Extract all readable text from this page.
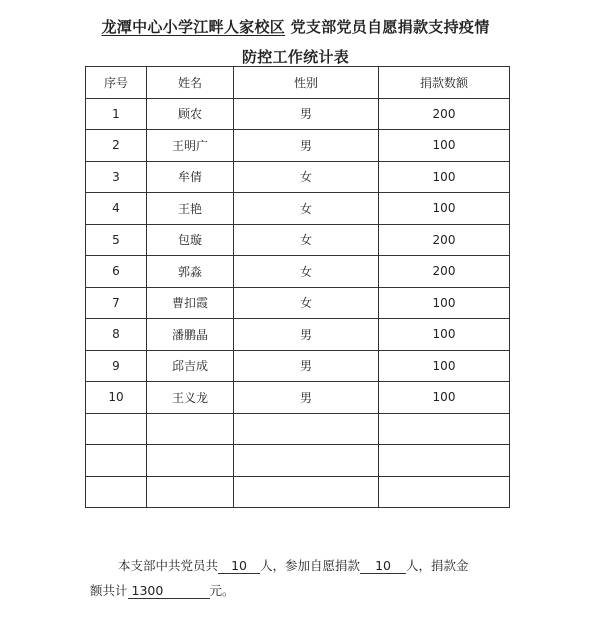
龙潭中心小学江畔人家校区 党支部党员自愿捐款支持疫情
防控工作统计表
序号	姓名	性别	捐款数额
1	顾农	男	200
2	王明广	男	100
3	牟倩	女	100
4	王艳	女	100
5	包璇	女	200
6	郭淼	女	200
7	曹扣霞	女	100
8	潘鹏晶	男	100
9	邱吉成	男	100
10	王义龙	男	100

本支部中共党员共 10 人，参加自愿捐款 10 人，捐款金
额共计 1300	元。
